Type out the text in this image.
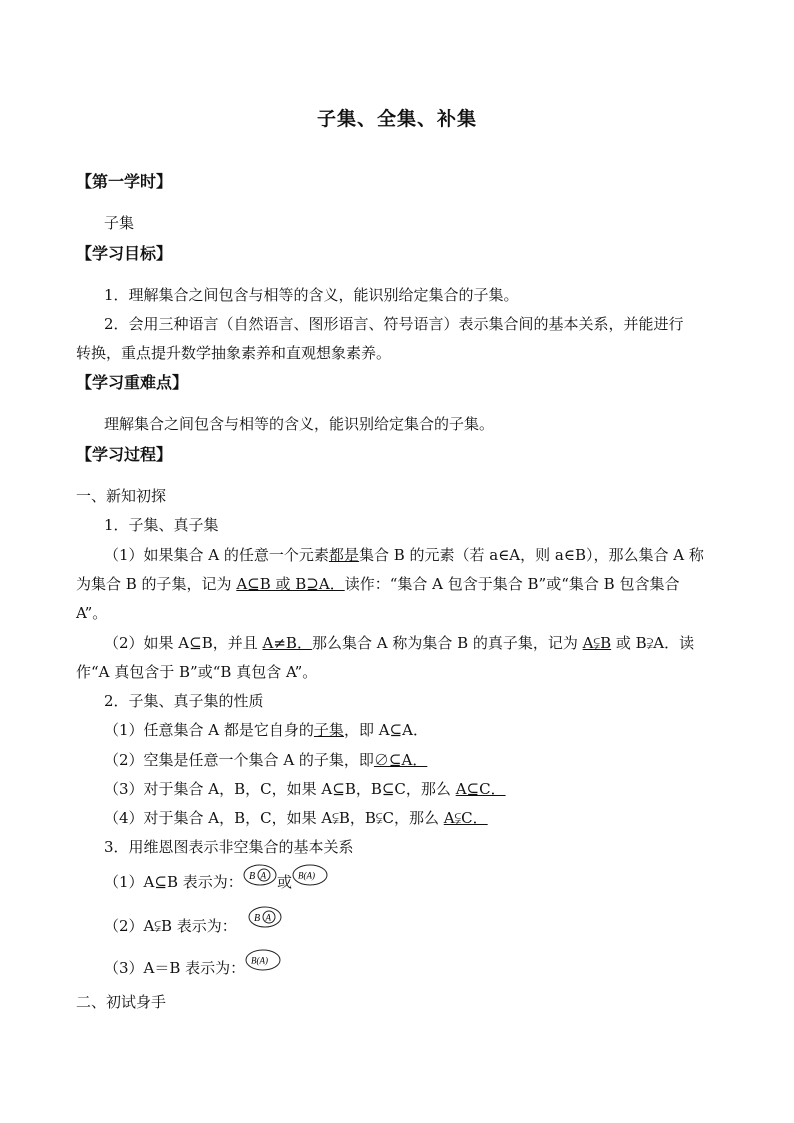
子集、全集、补集
【第一学时】
子集
【学习目标】
1．理解集合之间包含与相等的含义，能识别给定集合的子集。
2．会用三种语言（自然语言、图形语言、符号语言）表示集合间的基本关系，并能进行
转换，重点提升数学抽象素养和直观想象素养。
【学习重难点】
理解集合之间包含与相等的含义，能识别给定集合的子集。
【学习过程】
一、新知初探
1．子集、真子集
（1）如果集合 A 的任意一个元素都是集合 B 的元素（若 a∈A，则 a∈B），那么集合 A 称
为集合 B 的子集，记为 A⊆B 或 B⊇A．读作：“集合 A 包含于集合 B”或“集合 B 包含集合
A”。
（2）如果 A⊆B，并且 A≠B．那么集合 A 称为集合 B 的真子集，记为 A⫋B 或 B⫌A．读
作“A 真包含于 B”或“B 真包含 A”。
2．子集、真子集的性质
（1）任意集合 A 都是它自身的子集，即 A⊆A．
（2）空集是任意一个集合 A 的子集，即∅⊆A．
（3）对于集合 A，B，C，如果 A⊆B，B⊆C，那么 A⊆C．
（4）对于集合 A，B，C，如果 A⫋B，B⫋C，那么 A⫋C．
3．用维恩图表示非空集合的基本关系
（1）A⊆B 表示为： B A 或 B(A)
（2）A⫋B 表示为： B A
（3）A＝B 表示为： B(A)
二、初试身手
